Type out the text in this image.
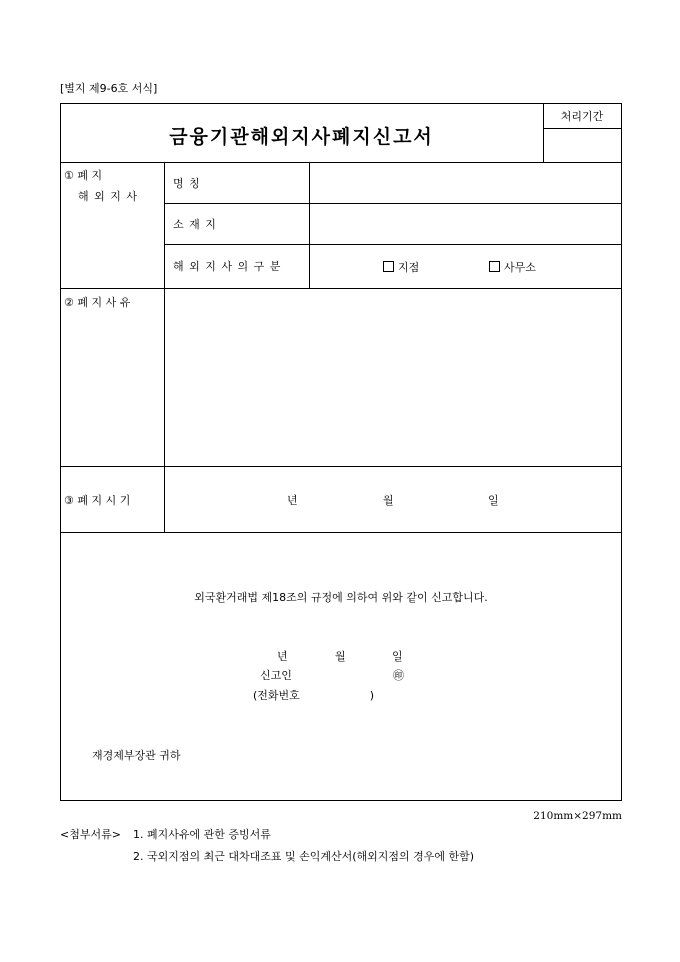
[별지 제9-6호 서식]
금융기관해외지사폐지신고서
처리기간
① 폐 지
해 외 지 사
명 칭
소 재 지
해 외 지 사 의 구 분	지점	사무소
② 폐 지 사 유
③ 폐 지 시 기	년	월	일
외국환거래법 제18조의 규정에 의하여 위와 같이 신고합니다.
년	월	일
신고인	㊞
(전화번호                    )
재경제부장관 귀하
210mm×297mm
<첨부서류> 1. 폐지사유에 관한 증빙서류
2. 국외지점의 최근 대차대조표 및 손익계산서(해외지점의 경우에 한함)
